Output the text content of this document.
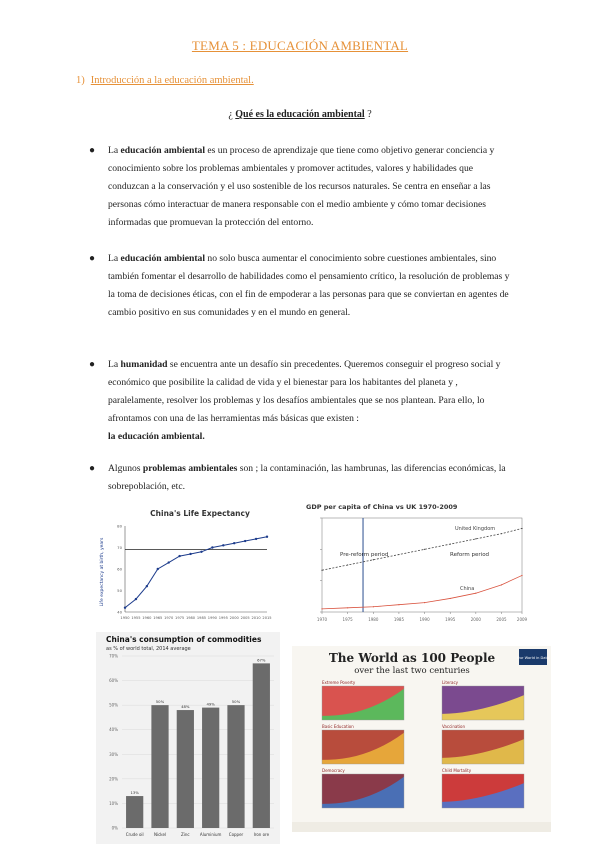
TEMA 5 : EDUCACIÓN AMBIENTAL
1) Introducción a la educación ambiental.
¿ Qué es la educación ambiental ?
● La educación ambiental es un proceso de aprendizaje que tiene como objetivo generar conciencia y conocimiento sobre los problemas ambientales y promover actitudes, valores y habilidades que conduzcan a la conservación y el uso sostenible de los recursos naturales. Se centra en enseñar a las personas cómo interactuar de manera responsable con el medio ambiente y cómo tomar decisiones informadas que promuevan la protección del entorno.
● La educación ambiental no solo busca aumentar el conocimiento sobre cuestiones ambientales, sino también fomentar el desarrollo de habilidades como el pensamiento crítico, la resolución de problemas y la toma de decisiones éticas, con el fin de empoderar a las personas para que se conviertan en agentes de cambio positivo en sus comunidades y en el mundo en general.
● La humanidad se encuentra ante un desafío sin precedentes. Queremos conseguir el progreso social y económico que posibilite la calidad de vida y el bienestar para los habitantes del planeta y , paralelamente, resolver los problemas y los desafíos ambientales que se nos plantean. Para ello, lo afrontamos con una de las herramientas más básicas que existen :
la educación ambiental.
● Algunos problemas ambientales son ; la contaminación, las hambrunas, las diferencias económicas, la sobrepoblación, etc.
China's Life Expectancy
Life expectancy at birth, years
40
50
60
70
80
1950 1955 1960 1965 1970 1975 1980 1985 1990 1995 2000 2005 2010 2015
GDP per capita of China vs UK 1970-2009
1970	1975	1980	1985	1990	1995	2000	2005	2009
Pre-reform period	Reform period
United Kingdom
China
China's consumption of commodities
as % of world total, 2014 average
0%
10%
20%
30%
40%
50%
60%
70%
13%
Crude oil
50%
Nickel
48%
Zinc
49%
Aluminium
50%
Copper
67%
Iron ore
The World as 100 People
over the last two centuries
Our World in Data
Extreme Poverty	Literacy
Basic Education	Vaccination
Democracy	Child Mortality
